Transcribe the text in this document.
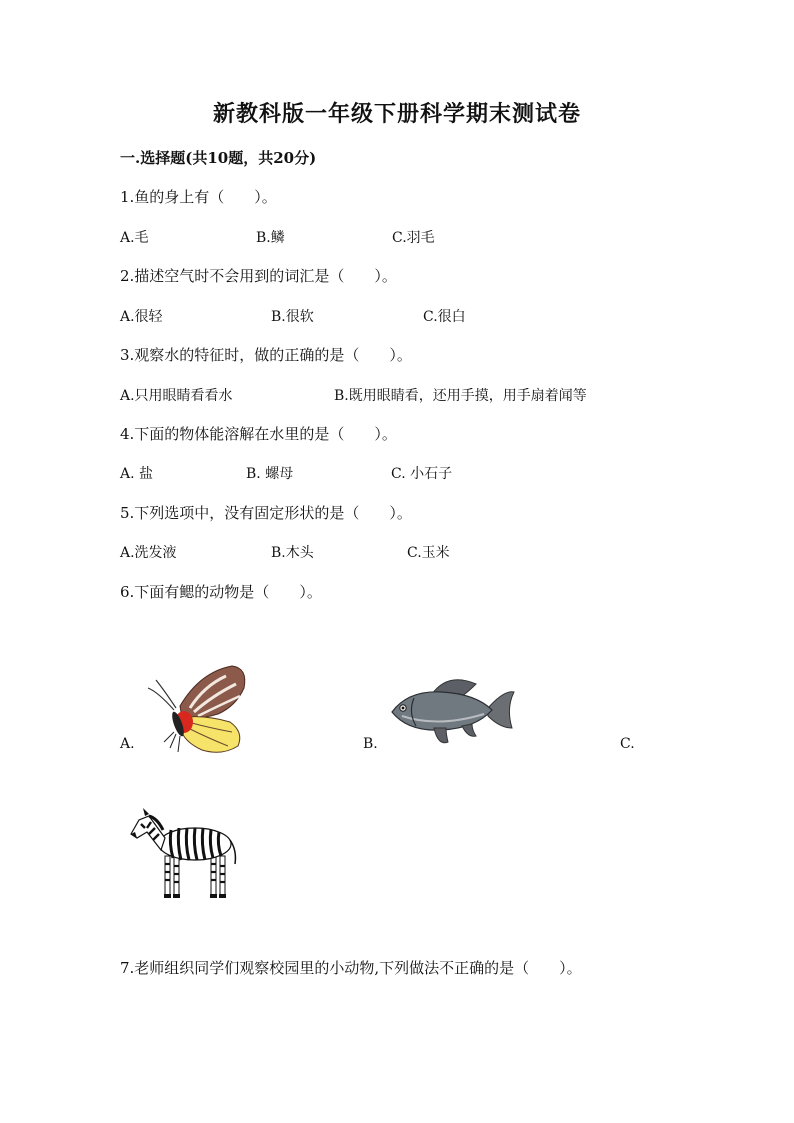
新教科版一年级下册科学期末测试卷
一.选择题(共10题，共20分)
1.鱼的身上有（　　）。
A.毛	B.鳞	C.羽毛
2.描述空气时不会用到的词汇是（　　）。
A.很轻	B.很软	C.很白
3.观察水的特征时，做的正确的是（　　）。
A.只用眼睛看看水	B.既用眼睛看，还用手摸，用手扇着闻等
4.下面的物体能溶解在水里的是（　　）。
A. 盐	B. 螺母	C. 小石子
5.下列选项中，没有固定形状的是（　　）。
A.洗发液	B.木头	C.玉米
6.下面有鳃的动物是（　　）。
A.	B.	C.
7.老师组织同学们观察校园里的小动物,下列做法不正确的是（　　）。
